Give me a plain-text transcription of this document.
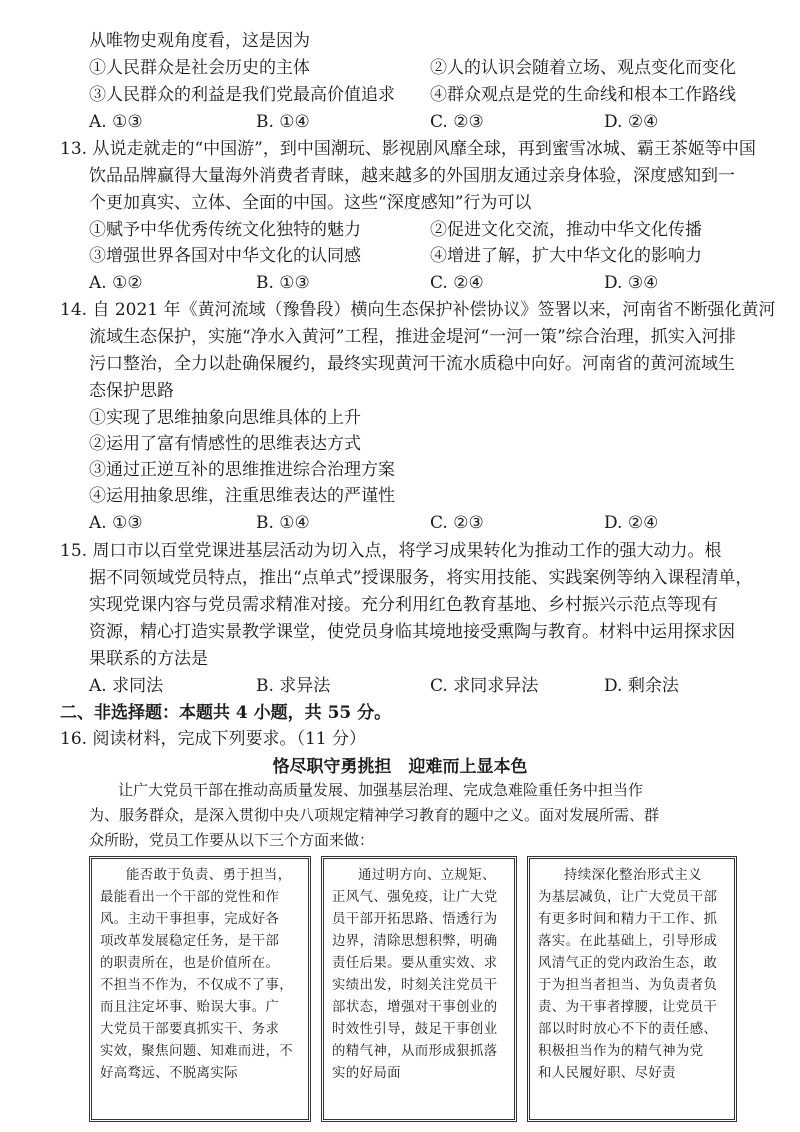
从唯物史观角度看，这是因为
①人民群众是社会历史的主体	②人的认识会随着立场、观点变化而变化
③人民群众的利益是我们党最高价值追求 ④群众观点是党的生命线和根本工作路线
A. ①③	B. ①④	C. ②③	D. ②④
13. 从说走就走的“中国游”，到中国潮玩、影视剧风靡全球，再到蜜雪冰城、霸王茶姬等中国
饮品品牌赢得大量海外消费者青睐，越来越多的外国朋友通过亲身体验，深度感知到一
个更加真实、立体、全面的中国。这些“深度感知”行为可以
①赋予中华优秀传统文化独特的魅力	②促进文化交流，推动中华文化传播
③增强世界各国对中华文化的认同感	④增进了解，扩大中华文化的影响力
A. ①②	B. ①③	C. ②④	D. ③④
14. 自 2021 年《黄河流域（豫鲁段）横向生态保护补偿协议》签署以来，河南省不断强化黄河
流域生态保护，实施“净水入黄河”工程，推进金堤河“一河一策”综合治理，抓实入河排
污口整治，全力以赴确保履约，最终实现黄河干流水质稳中向好。河南省的黄河流域生
态保护思路
①实现了思维抽象向思维具体的上升
②运用了富有情感性的思维表达方式
③通过正逆互补的思维推进综合治理方案
④运用抽象思维，注重思维表达的严谨性
A. ①③	B. ①④	C. ②③	D. ②④
15. 周口市以百堂党课进基层活动为切入点，将学习成果转化为推动工作的强大动力。根
据不同领域党员特点，推出“点单式”授课服务，将实用技能、实践案例等纳入课程清单，
实现党课内容与党员需求精准对接。充分利用红色教育基地、乡村振兴示范点等现有
资源，精心打造实景教学课堂，使党员身临其境地接受熏陶与教育。材料中运用探求因
果联系的方法是
A. 求同法	B. 求异法	C. 求同求异法	D. 剩余法
二、非选择题：本题共 4 小题，共 55 分。
16. 阅读材料，完成下列要求。（11 分）
恪尽职守勇挑担　迎难而上显本色
让广大党员干部在推动高质量发展、加强基层治理、完成急难险重任务中担当作
为、服务群众，是深入贯彻中央八项规定精神学习教育的题中之义。面对发展所需、群
众所盼，党员工作要从以下三个方面来做：
能否敢于负责、勇于担当，
最能看出一个干部的党性和作
风。主动干事担事，完成好各
项改革发展稳定任务，是干部
的职责所在，也是价值所在。
不担当不作为，不仅成不了事，
而且注定坏事、贻误大事。广
大党员干部要真抓实干、务求
实效，聚焦问题、知难而进，不
好高骛远、不脱离实际
通过明方向、立规矩、
正风气、强免疫，让广大党
员干部开拓思路、悟透行为
边界，清除思想积弊，明确
责任后果。要从重实效、求
实绩出发，时刻关注党员干
部状态，增强对干事创业的
时效性引导，鼓足干事创业
的精气神，从而形成狠抓落
实的好局面
持续深化整治形式主义
为基层减负，让广大党员干部
有更多时间和精力干工作、抓
落实。在此基础上，引导形成
风清气正的党内政治生态，敢
于为担当者担当、为负责者负
责、为干事者撑腰，让党员干
部以时时放心不下的责任感、
积极担当作为的精气神为党
和人民履好职、尽好责
